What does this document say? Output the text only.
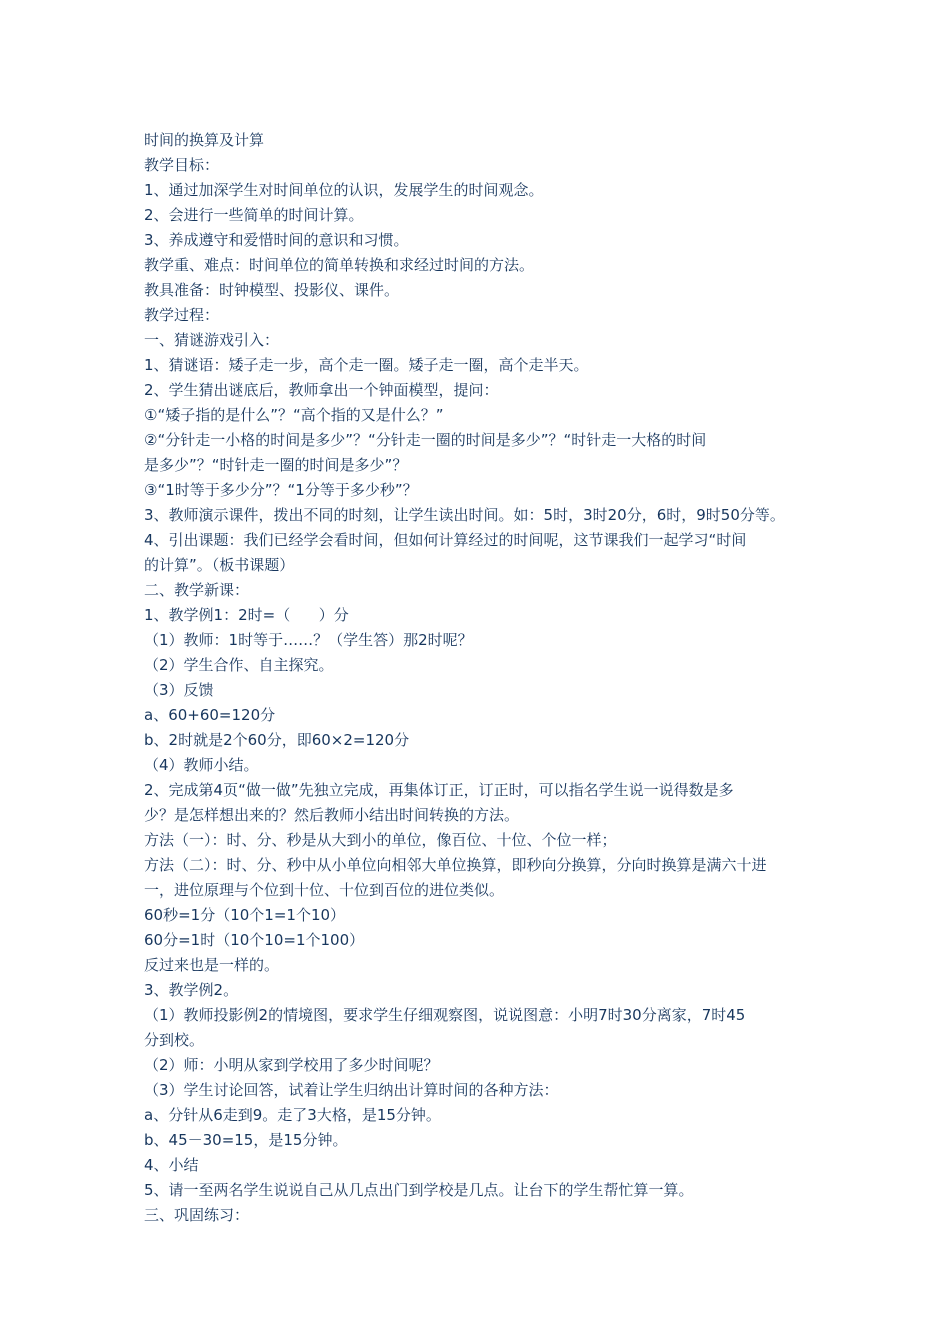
时间的换算及计算
教学目标：
1、通过加深学生对时间单位的认识，发展学生的时间观念。
2、会进行一些简单的时间计算。
3、养成遵守和爱惜时间的意识和习惯。
教学重、难点：时间单位的简单转换和求经过时间的方法。
教具准备：时钟模型、投影仪、课件。
教学过程：
一、猜谜游戏引入：
1、猜谜语：矮子走一步，高个走一圈。矮子走一圈，高个走半天。
2、学生猜出谜底后，教师拿出一个钟面模型，提问：
①“矮子指的是什么”？“高个指的又是什么？”
②“分针走一小格的时间是多少”？“分针走一圈的时间是多少”？“时针走一大格的时间
是多少”？“时针走一圈的时间是多少”？
③“1时等于多少分”？“1分等于多少秒”？
3、教师演示课件，拨出不同的时刻，让学生读出时间。如：5时，3时20分，6时，9时50分等。
4、引出课题：我们已经学会看时间，但如何计算经过的时间呢，这节课我们一起学习“时间
的计算”。（板书课题）
二、教学新课：
1、教学例1：2时=（      ）分
（1）教师：1时等于……？（学生答）那2时呢？
（2）学生合作、自主探究。
（3）反馈
a、60+60=120分
b、2时就是2个60分，即60×2=120分
（4）教师小结。
2、完成第4页“做一做”先独立完成，再集体订正，订正时，可以指名学生说一说得数是多
少？是怎样想出来的？然后教师小结出时间转换的方法。
方法（一）：时、分、秒是从大到小的单位，像百位、十位、个位一样；
方法（二）：时、分、秒中从小单位向相邻大单位换算，即秒向分换算，分向时换算是满六十进
一，进位原理与个位到十位、十位到百位的进位类似。
60秒=1分（10个1=1个10）
60分=1时（10个10=1个100）
反过来也是一样的。
3、教学例2。
（1）教师投影例2的情境图，要求学生仔细观察图，说说图意：小明7时30分离家，7时45
分到校。
（2）师：小明从家到学校用了多少时间呢？
（3）学生讨论回答，试着让学生归纳出计算时间的各种方法：
a、分针从6走到9。走了3大格，是15分钟。
b、45－30=15，是15分钟。
4、小结
5、请一至两名学生说说自己从几点出门到学校是几点。让台下的学生帮忙算一算。
三、巩固练习：
